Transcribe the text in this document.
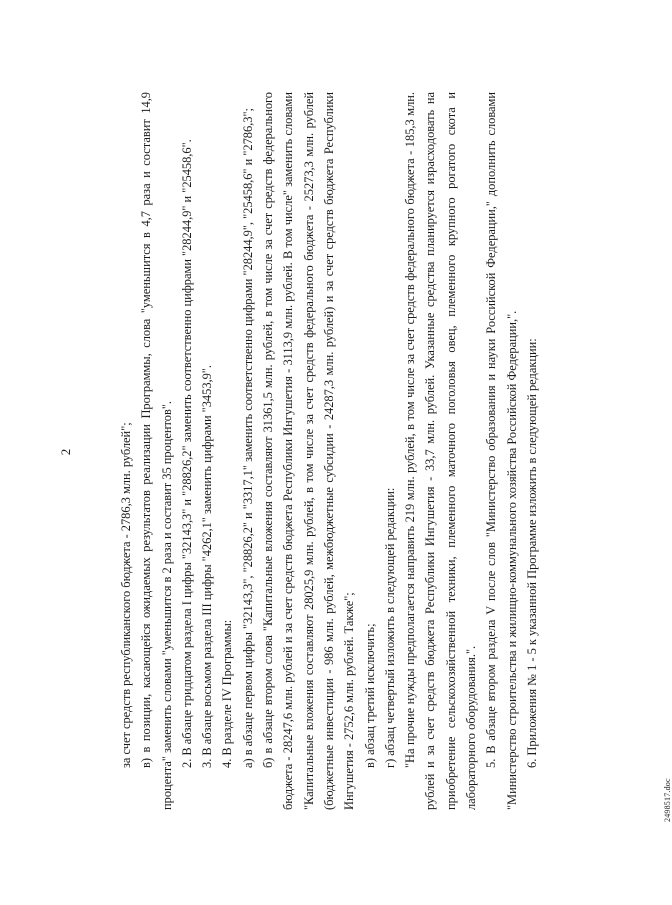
2	за счет средств республиканского бюджета - 2786,3 млн. рублей"; в) в позиции, касающейся ожидаемых результатов реализации Программы, слова "уменьшится в 4,7 раза и составит 14,9 процента" заменить словами "уменьшится в 2 раза и составит 35 процентов". 2. В абзаце тридцатом раздела I цифры "32143,3" и "28826,2" заменить соответственно цифрами "28244,9" и "25458,6". 3. В абзаце восьмом раздела III цифры "4262,1" заменить цифрами "3453,9". 4. В разделе IV Программы: а) в абзаце первом цифры "32143,3", "28826,2" и "3317,1" заменить соответственно цифрами "28244,9", "25458,6" и "2786,3"; б) в абзаце втором слова "Капитальные вложения составляют 31361,5 млн. рублей, в том числе за счет средств федерального бюджета - 28247,6 млн. рублей и за счет средств бюджета Республики Ингушетия - 3113,9 млн. рублей. В том числе" заменить словами "Капитальные вложения составляют 28025,9 млн. рублей, в том числе за счет средств федерального бюджета - 25273,3 млн. рублей (бюджетные инвестиции - 986 млн. рублей, межбюджетные субсидии - 24287,3 млн. рублей) и за счет средств бюджета Республики Ингушетия - 2752,6 млн. рублей. Также"; в) абзац третий исключить; г) абзац четвертый изложить в следующей редакции: "На прочие нужды предполагается направить 219 млн. рублей, в том числе за счет средств федерального бюджета - 185,3 млн. рублей и за счет средств бюджета Республики Ингушетия - 33,7 млн. рублей. Указанные средства планируется израсходовать на приобретение сельскохозяйственной техники, племенного маточного поголовья овец, племенного крупного рогатого скота и лабораторного оборудования.". 5. В абзаце втором раздела V после слов "Министерство образования и науки Российской Федерации," дополнить словами "Министерство строительства и жилищно-коммунального хозяйства Российской Федерации,". 6. Приложения № 1 - 5 к указанной Программе изложить в следующей редакции:

2498517.doc
